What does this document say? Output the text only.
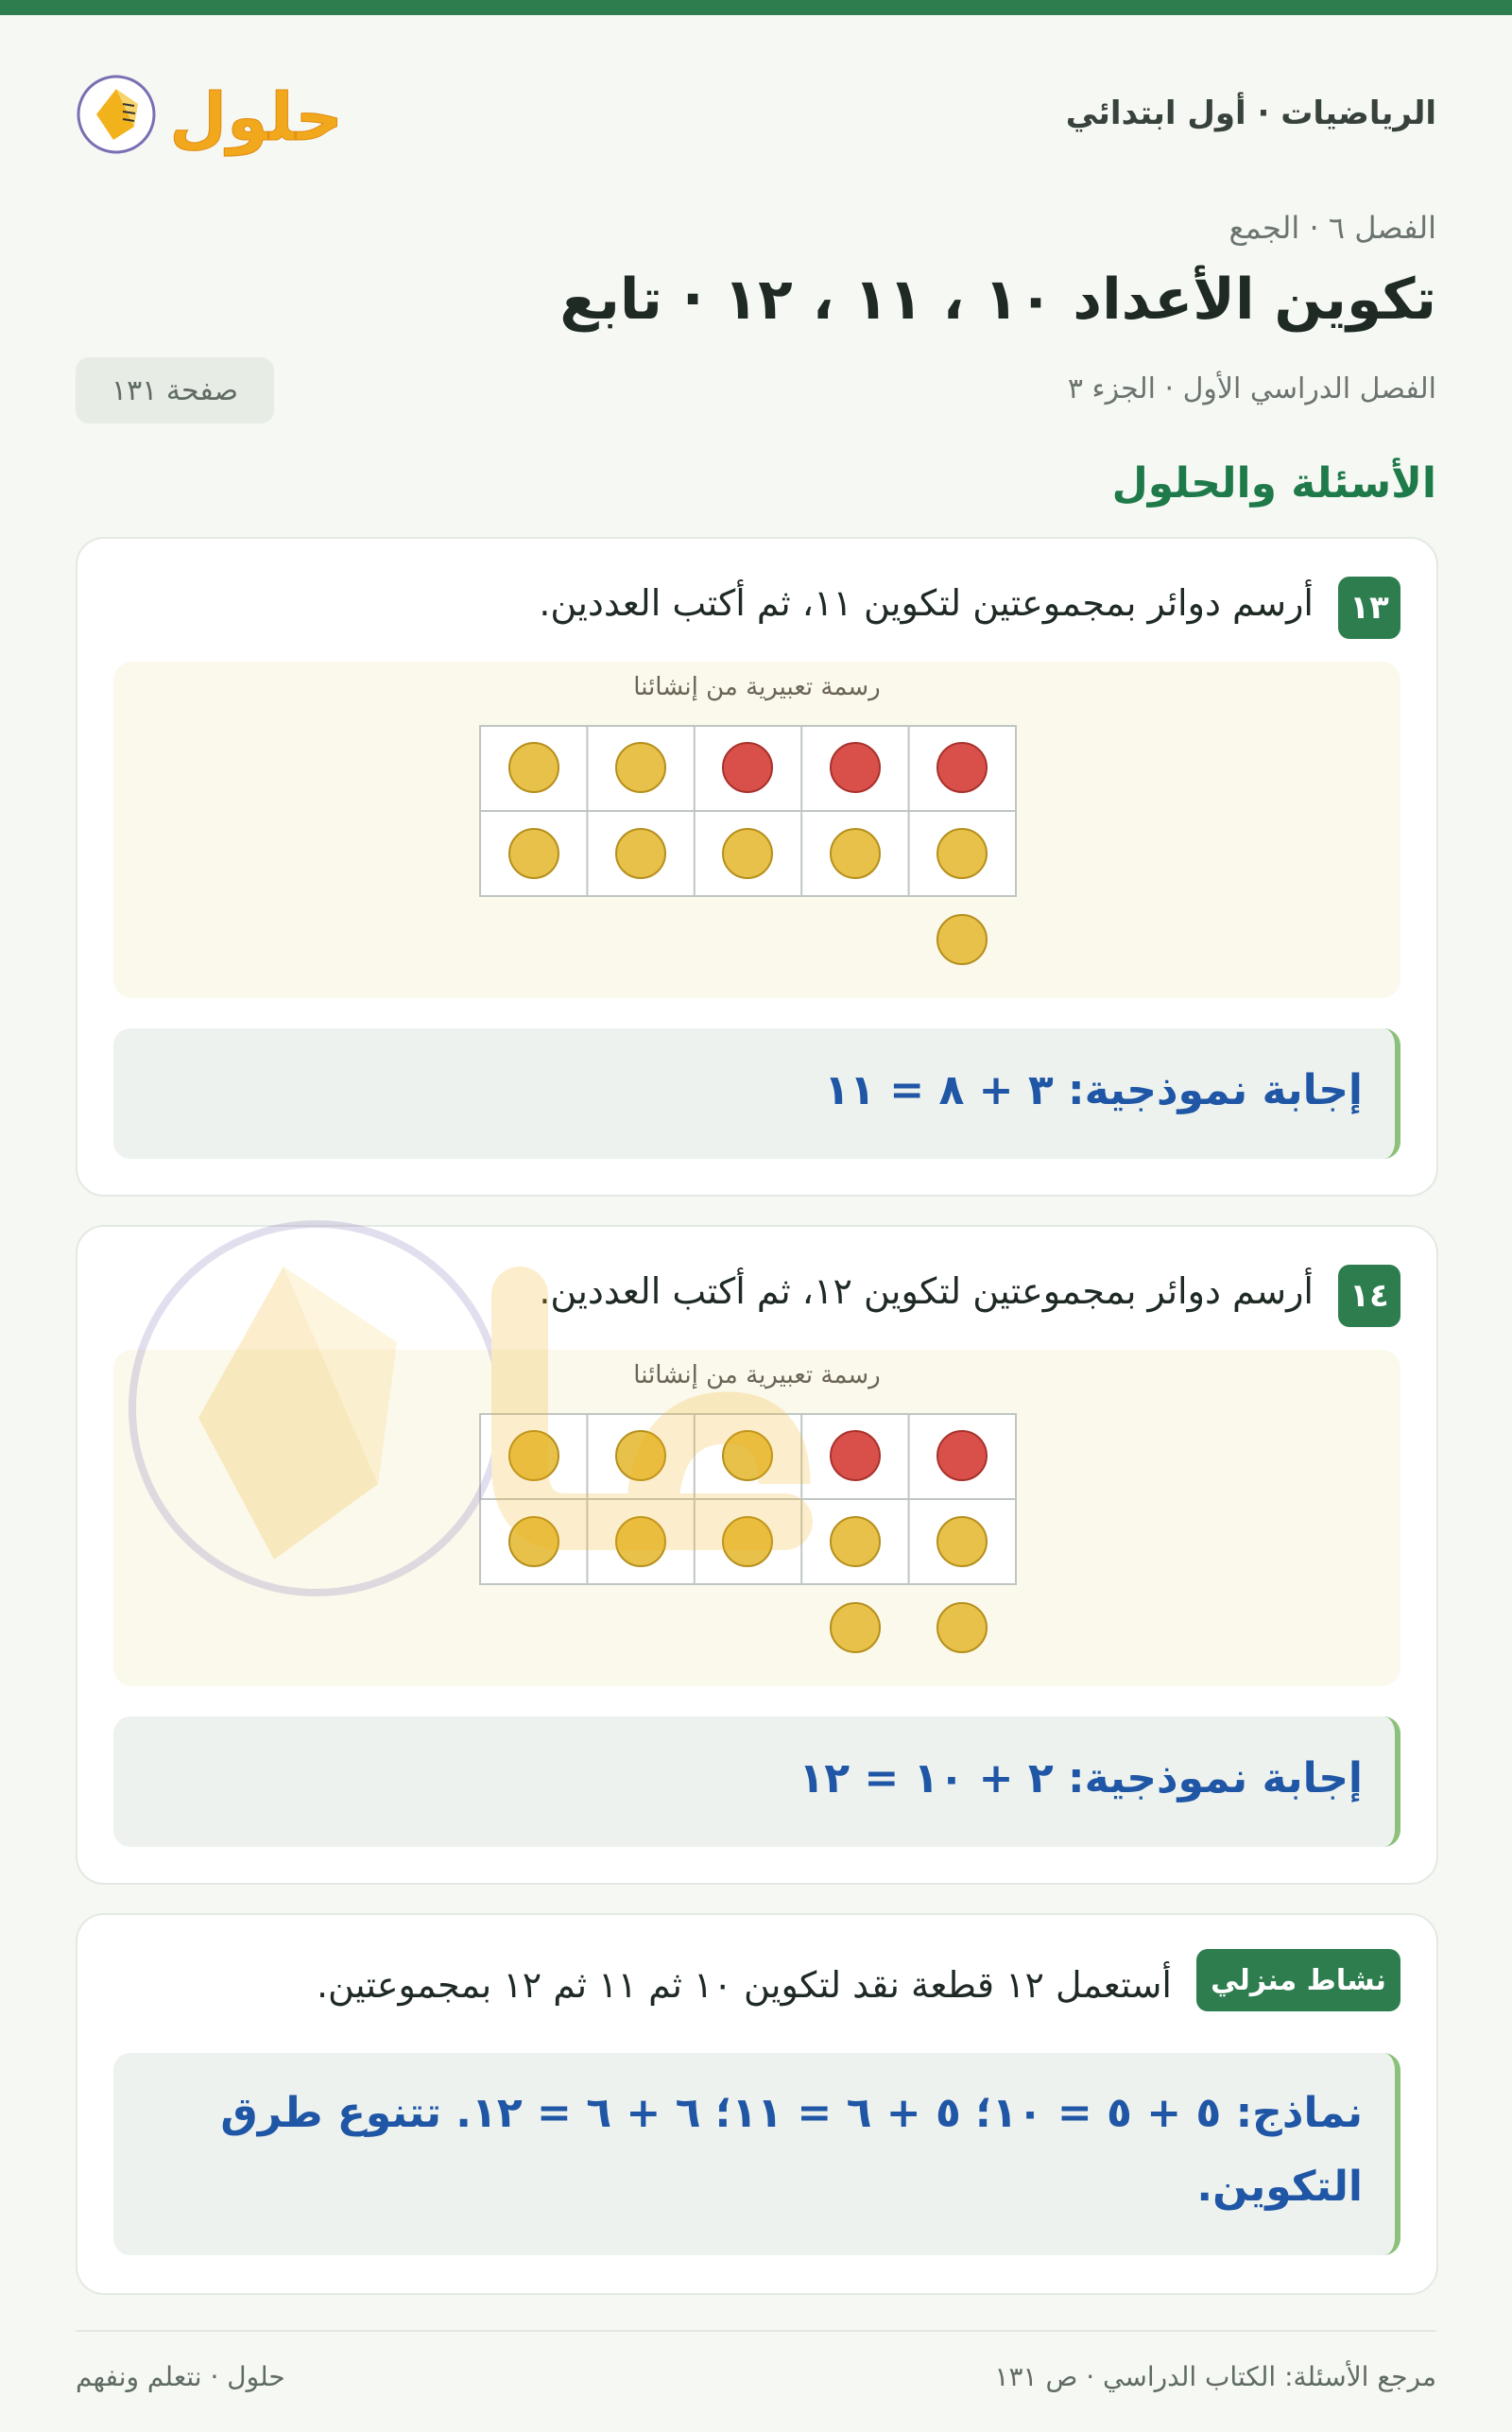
حلول	الرياضيات · أول ابتدائي
الفصل ٦ · الجمع
تكوين الأعداد ١٠ ، ١١ ، ١٢ · تابع
الفصل الدراسي الأول · الجزء ٣
صفحة ١٣١
الأسئلة والحلول
١٣
أرسم دوائر بمجموعتين لتكوين ١١، ثم أكتب العددين.
رسمة تعبيرية من إنشائنا
إجابة نموذجية: ٣ + ٨ = ١١
١٤
أرسم دوائر بمجموعتين لتكوين ١٢، ثم أكتب العددين.
رسمة تعبيرية من إنشائنا
إجابة نموذجية: ٢ + ١٠ = ١٢
نشاط منزلي
أستعمل ١٢ قطعة نقد لتكوين ١٠ ثم ١١ ثم ١٢ بمجموعتين.
نماذج: ٥ + ٥ = ١٠؛ ٥ + ٦ = ١١؛ ٦ + ٦ = ١٢. تتنوع طرق
التكوين.
مرجع الأسئلة: الكتاب الدراسي · ص ١٣١
حلول · نتعلم ونفهم
